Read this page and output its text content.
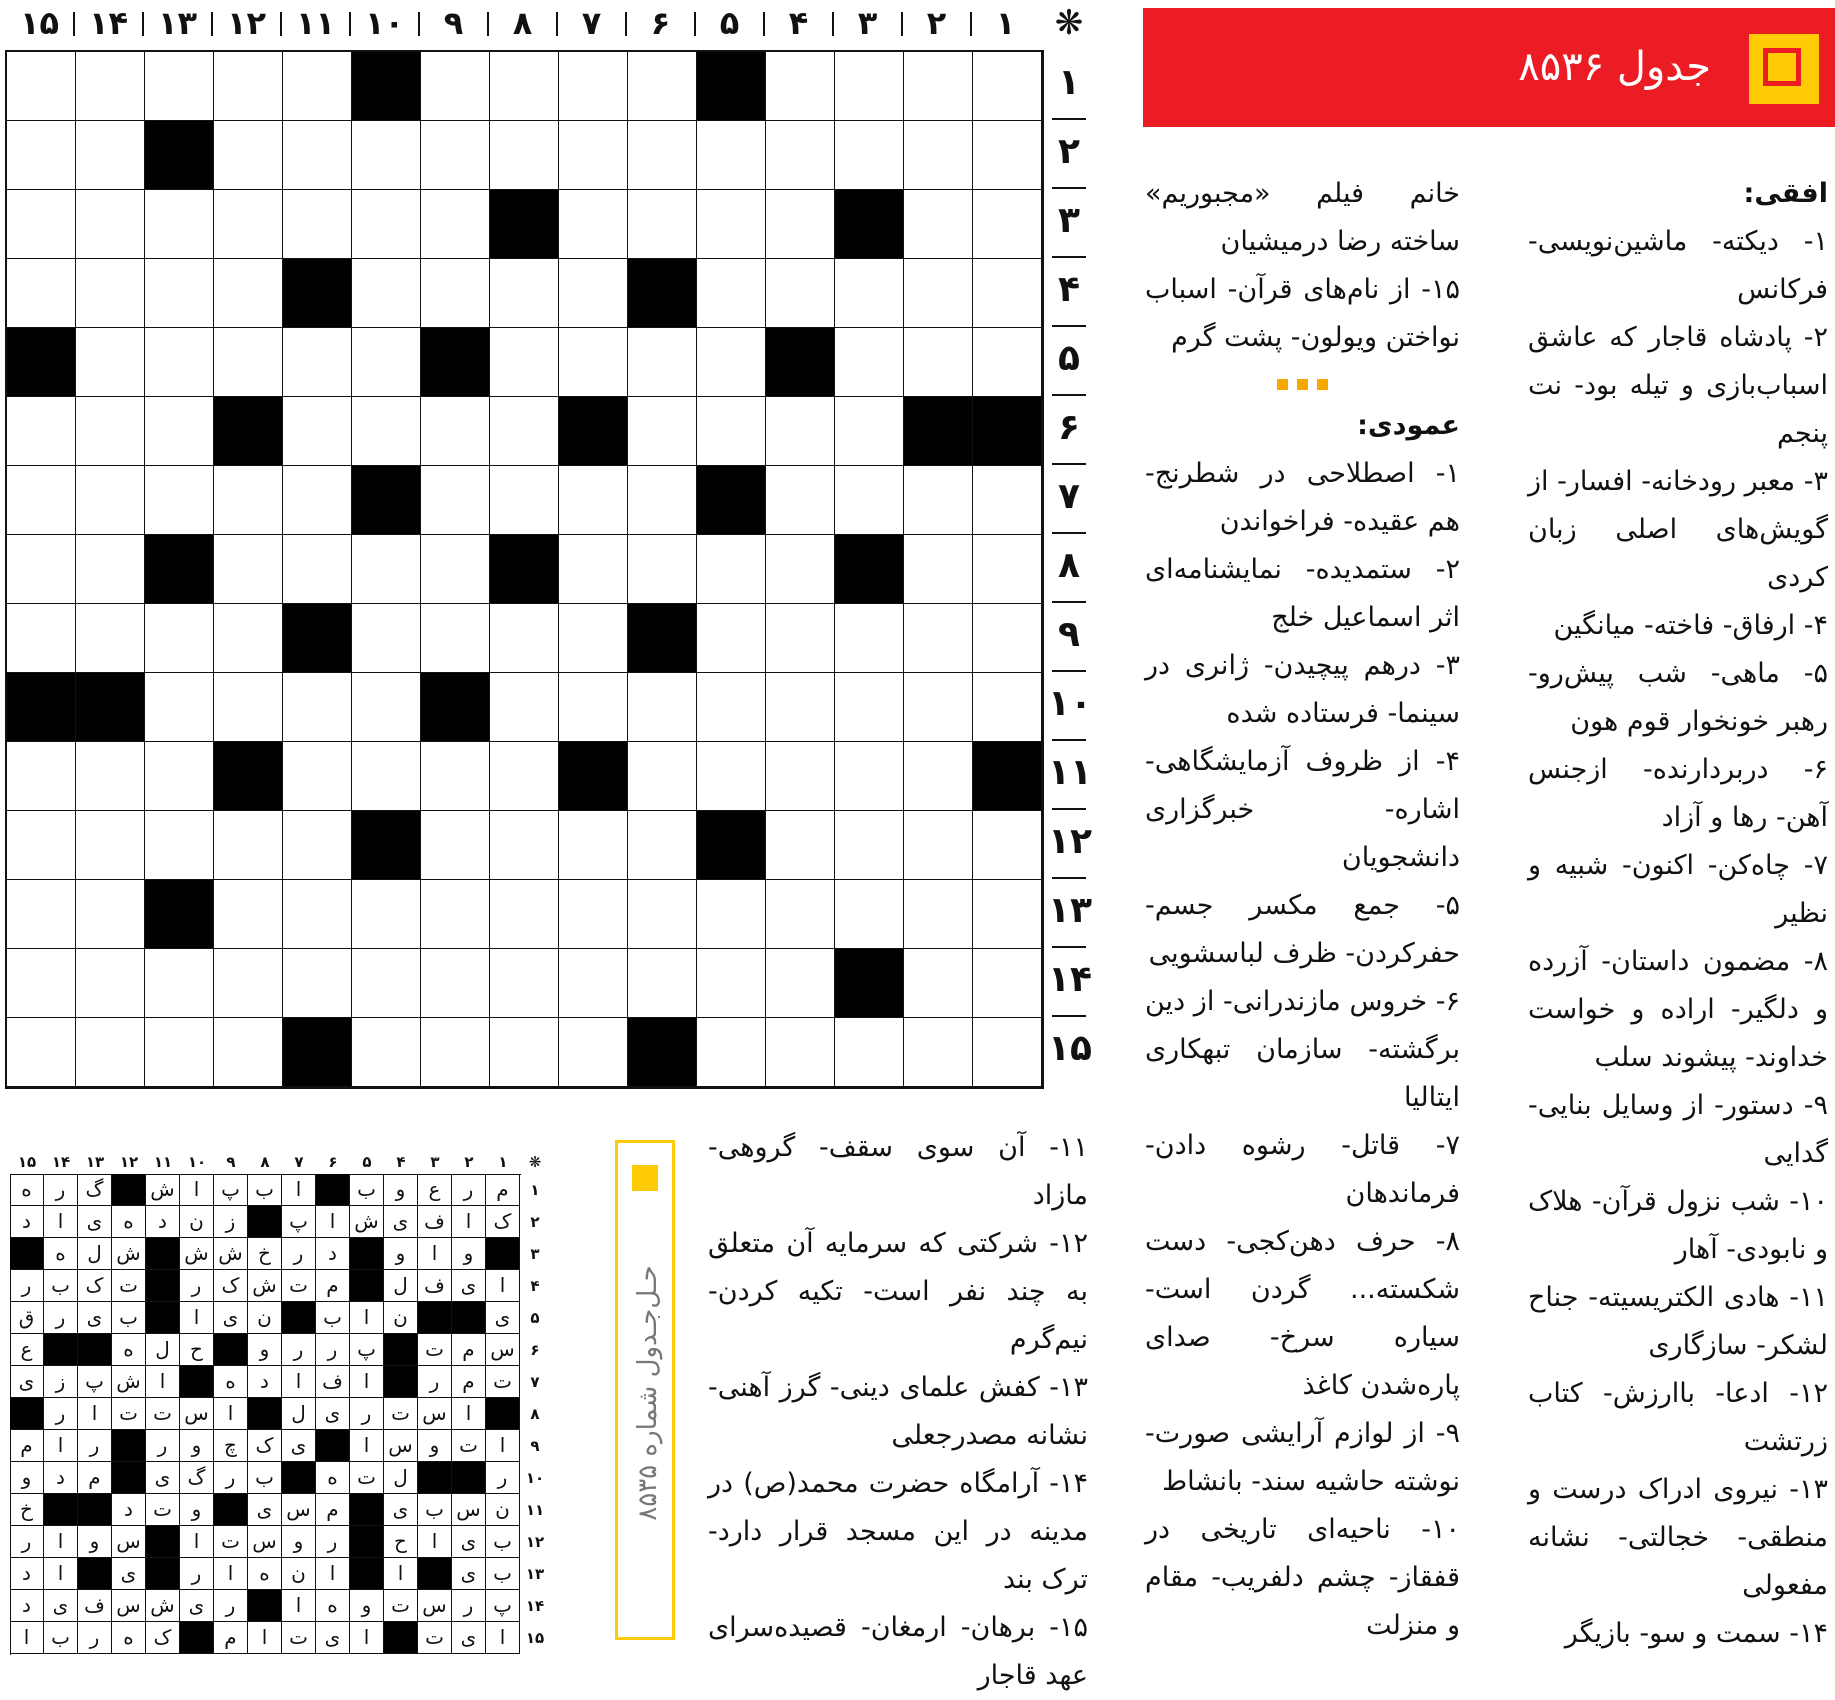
❋
جدول ۸۵۳۶

افقی:

۱- دیکته- ماشین‌نویسی- فرکانس

۲- پادشاه قاجار که عاشق اسباب‌بازی و تیله بود- نت پنجم

۳- معبر رودخانه- افسار- از گویش‌های اصلی زبان کردی

۴- ارفاق- فاخته- میانگین

۵- ماهی- شب پیش‌رو- رهبر خونخوار قوم هون

۶- دربردارنده- ازجنس آهن- رها و آزاد

۷- چاه‌کن- اکنون- شبیه و نظیر

۸- مضمون داستان- آزرده و دلگیر- اراده و خواست خداوند- پیشوند سلب

۹- دستور- از وسایل بنایی- گدایی

۱۰- شب نزول قرآن- هلاک و نابودی- آهار

۱۱- هادی الکتریسیته- جناح لشکر- سازگاری

۱۲- ادعا- باارزش- کتاب زرتشت

۱۳- نیروی ادراک درست و منطقی- خجالتی- نشانه مفعولی

۱۴- سمت و سو- بازیگر

خانم فیلم «مجبوریم» ساخته رضا درمیشیان

۱۵- از نام‌های قرآن- اسباب نواختن ویولون- پشت گرم

عمودی:

۱- اصطلاحی در شطرنج- هم عقیده- فراخواندن

۲- ستمدیده- نمایشنامه‌ای اثر اسماعیل خلج

۳- درهم پیچیدن- ژانری در سینما- فرستاده شده

۴- از ظروف آزمایشگاهی- اشاره- خبرگزاری دانشجویان

۵- جمع مکسر جسم- حفرکردن- ظرف لباسشویی

۶- خروس مازندرانی- از دین برگشته- سازمان تبهکاری ایتالیا

۷- قاتل- رشوه دادن- فرماندهان

۸- حرف دهن‌کجی- دست شکسته... گردن است- سیاره سرخ- صدای پاره‌شدن کاغذ

۹- از لوازم آرایشی صورت- نوشته حاشیه سند- بانشاط

۱۰- ناحیه‌ای تاریخی در قفقاز- چشم دلفریب- مقام و منزلت

۱۱- آن سوی سقف- گروهی- مازاد

۱۲- شرکتی که سرمایه آن متعلق به چند نفر است- تکیه کردن- نیم‌گرم

۱۳- کفش علمای دینی- گرز آهنی- نشانه مصدرجعلی

۱۴- آرامگاه حضرت محمد(ص) در مدینه در این مسجد قرار دارد- ترک بند

۱۵- برهان- ارمغان- قصیده‌سرای عهد قاجار

م
ر
ع
و
ب
ا
ب
پ
ا
ش
گ
ر
ه
ک
ا
ف
ی
ش
ا
پ
ز
ن
د
ه
ی
ا
د
و
ا
و
د
ر
خ
ش
ش
ش
ل
ه
ا
ی
ف
ل
م
ت
ش
ک
ر
ت
ک
ب
ر
ی
ن
ا
ب
ن
ی
ا
ب
ی
ر
ق
س
م
ت
پ
ر
ر
و
ح
ل
ه
ع
ت
م
ر
ا
ف
ا
د
ه
ا
ش
پ
ز
ی
ا
س
ت
ر
ی
ل
ا
س
ت
ت
ا
ر
ا
ت
و
س
ا
ی
ک
چ
و
ر
ر
ا
م
ر
ل
ت
ه
ب
ر
گ
ی
م
د
و
ن
س
ب
ی
م
س
ی
و
ت
د
خ
ب
ی
ا
ح
ر
و
س
ت
ا
س
و
ا
ر
ب
ی
ا
ا
ن
ه
ا
ر
ی
ا
د
پ
ر
س
ت
و
ه
ا
ر
ی
ش
س
ف
ی
د
ا
ی
ت
ا
ی
ت
ا
م
ک
ه
ر
ب
ا
۱
۲
۳
۴
۵
۶
۷
۸
۹
۱۰
۱۱
۱۲
۱۳
۱۴
۱۵	❋
۱
۲
۳
۴
۵
۶
۷
۸
۹
۱۰
۱۱
۱۲
۱۳
۱۴
۱۵
حـل‌جـدول شماره ۸۵۳۵
۱
۲
۳
۴
۵
۶
۷
۸
۹
۱۰
۱۱
۱۲
۱۳
۱۴
۱۵
۱
۲
۳
۴
۵
۶
۷
۸
۹
۱۰
۱۱
۱۲
۱۳
۱۴
۱۵
